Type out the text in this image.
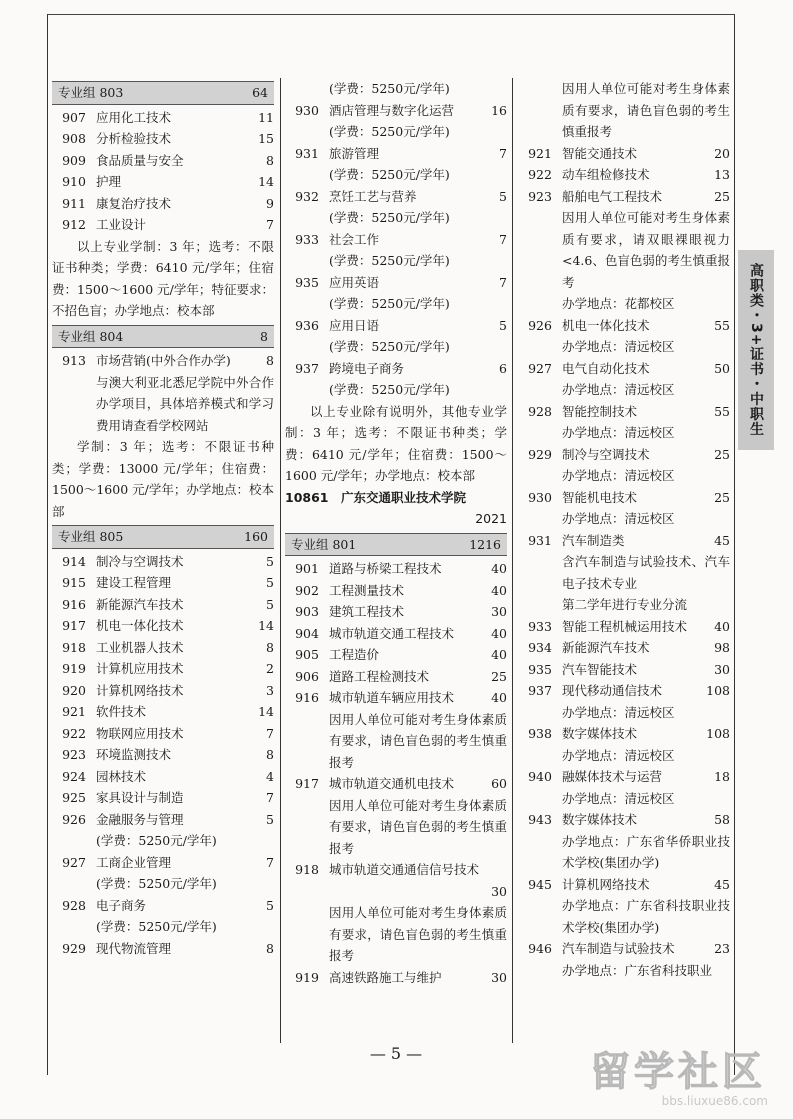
专业组 803	64
907 应用化工技术	11
908 分析检验技术	15
909 食品质量与安全	8
910 护理	14
911 康复治疗技术	9
912 工业设计	7
以上专业学制：3 年；选考：不限证书种类；学费：6410 元/学年；住宿费：1500～1600 元/学年；特征要求：不招色盲；办学地点：校本部
专业组 804	8
913 市场营销(中外合作办学)	8
与澳大利亚北悉尼学院中外合作办学项目，具体培养模式和学习费用请查看学校网站
学制：3 年；选考：不限证书种类；学费：13000 元/学年；住宿费：1500～1600 元/学年；办学地点：校本部
专业组 805	160
914 制冷与空调技术	5
915 建设工程管理	5
916 新能源汽车技术	5
917 机电一体化技术	14
918 工业机器人技术	8
919 计算机应用技术	2
920 计算机网络技术	3
921 软件技术	14
922 物联网应用技术	7
923 环境监测技术	8
924 园林技术	4
925 家具设计与制造	7
926 金融服务与管理	5
(学费：5250元/学年)
927 工商企业管理	7
(学费：5250元/学年)
928 电子商务	5
(学费：5250元/学年)
929 现代物流管理	8
(学费：5250元/学年)
930 酒店管理与数字化运营	16
(学费：5250元/学年)
931 旅游管理	7
(学费：5250元/学年)
932 烹饪工艺与营养	5
(学费：5250元/学年)
933 社会工作	7
(学费：5250元/学年)
935 应用英语	7
(学费：5250元/学年)
936 应用日语	5
(学费：5250元/学年)
937 跨境电子商务	6
(学费：5250元/学年)
以上专业除有说明外，其他专业学制：3 年；选考：不限证书种类；学费：6410 元/学年；住宿费：1500～1600 元/学年；办学地点：校本部
10861	广东交通职业技术学院
2021
专业组 801	1216
901 道路与桥梁工程技术	40
902 工程测量技术	40
903 建筑工程技术	30
904 城市轨道交通工程技术	40
905 工程造价	40
906 道路工程检测技术	25
916 城市轨道车辆应用技术	40
因用人单位可能对考生身体素质有要求，请色盲色弱的考生慎重报考
917 城市轨道交通机电技术	60
因用人单位可能对考生身体素质有要求，请色盲色弱的考生慎重报考
918 城市轨道交通通信信号技术
30
因用人单位可能对考生身体素质有要求，请色盲色弱的考生慎重报考
919 高速铁路施工与维护	30
因用人单位可能对考生身体素质有要求，请色盲色弱的考生慎重报考
921 智能交通技术	20
922 动车组检修技术	13
923 船舶电气工程技术	25
因用人单位可能对考生身体素质有要求，请双眼裸眼视力<4.6、色盲色弱的考生慎重报考
办学地点：花都校区
926 机电一体化技术	55
办学地点：清远校区
927 电气自动化技术	50
办学地点：清远校区
928 智能控制技术	55
办学地点：清远校区
929 制冷与空调技术	25
办学地点：清远校区
930 智能机电技术	25
办学地点：清远校区
931 汽车制造类	45
含汽车制造与试验技术、汽车电子技术专业
第二学年进行专业分流
933 智能工程机械运用技术	40
934 新能源汽车技术	98
935 汽车智能技术	30
937 现代移动通信技术	108
办学地点：清远校区
938 数字媒体技术	108
办学地点：清远校区
940 融媒体技术与运营	18
办学地点：清远校区
943 数字媒体技术	58
办学地点：广东省华侨职业技术学校(集团办学)
945 计算机网络技术	45
办学地点：广东省科技职业技术学校(集团办学)
946 汽车制造与试验技术	23
办学地点：广东省科技职业
高职类・3+证书・中职生
— 5 —	留学社区
bbs.liuxue86.com
